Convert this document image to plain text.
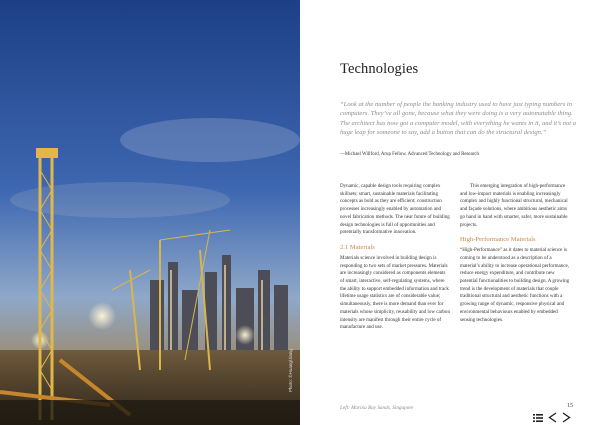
Photo: ©Huang/Jiang
Technologies
“Look at the number of people the banking industry used to have just typing numbers in computers. They’ve all gone, because what they were doing is a very automatable thing. The architect has now got a computer model, with everything he wants in it, and it’s not a huge leap for someone to say, add a button that can do the structural design.”
—Michael Willford, Arup Fellow, Advanced Technology and Research

Dynamic, capable design tools requiring complex skillsets; smart, sustainable materials facilitating concepts as bold as they are efficient; construction processes increasingly enabled by automation and novel fabrication methods. The near future of building design technologies is full of opportunities and potentially transformative innovation.

2.1 Materials

Materials science involved in building design is responding to two sets of market pressures. Materials are increasingly considered as components elements of smart, interactive, self-regulating systems, where the ability to support embedded information and track lifetime usage statistics are of considerable value; simultaneously, there is more demand than ever for materials whose simplicity, reusability and low carbon intensity are manifest through their entire cycle of manufacture and use.

This emerging integration of high-performance and low-impact materials is enabling increasingly complex and highly functional structural, mechanical and façade solutions, where ambitious aesthetic aims go hand in hand with smarter, safer, more sustainable projects.

High-Performance Materials

“High-Performance” as it dates to material science is coming to be understood as a description of a material’s ability to increase operational performance, reduce energy expenditure, and contribute new potential functionalities to building design. A growing trend is the development of materials that couple traditional structural and aesthetic functions with a growing range of dynamic, responsive physical and environmental behaviours enabled by embedded sensing technologies.

Left: Marina Bay Sands, Singapore	15
